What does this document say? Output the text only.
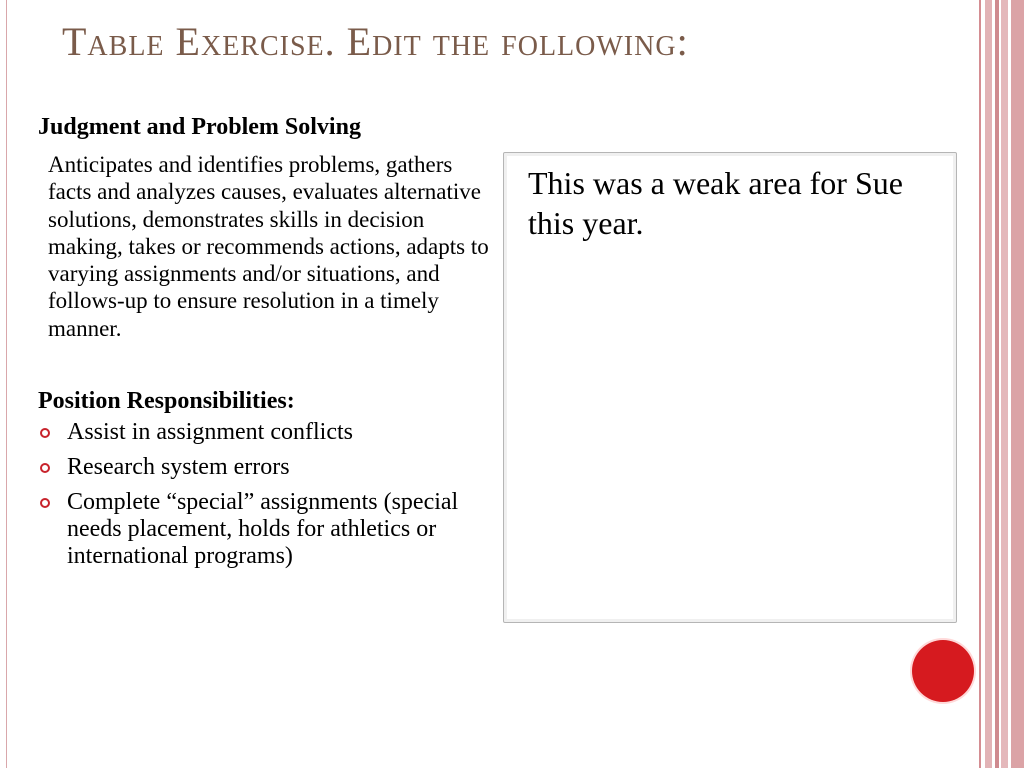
Table Exercise. Edit the following:
Judgment and Problem Solving
Anticipates and identifies problems, gathers facts and analyzes causes, evaluates alternative solutions, demonstrates skills in decision making, takes or recommends actions, adapts to varying assignments and/or situations, and follows-up to ensure resolution in a timely manner.
Position Responsibilities:
Assist in assignment conflicts
Research system errors
Complete “special” assignments (special needs placement, holds for athletics or international programs)
This was a weak area for Sue this year.
